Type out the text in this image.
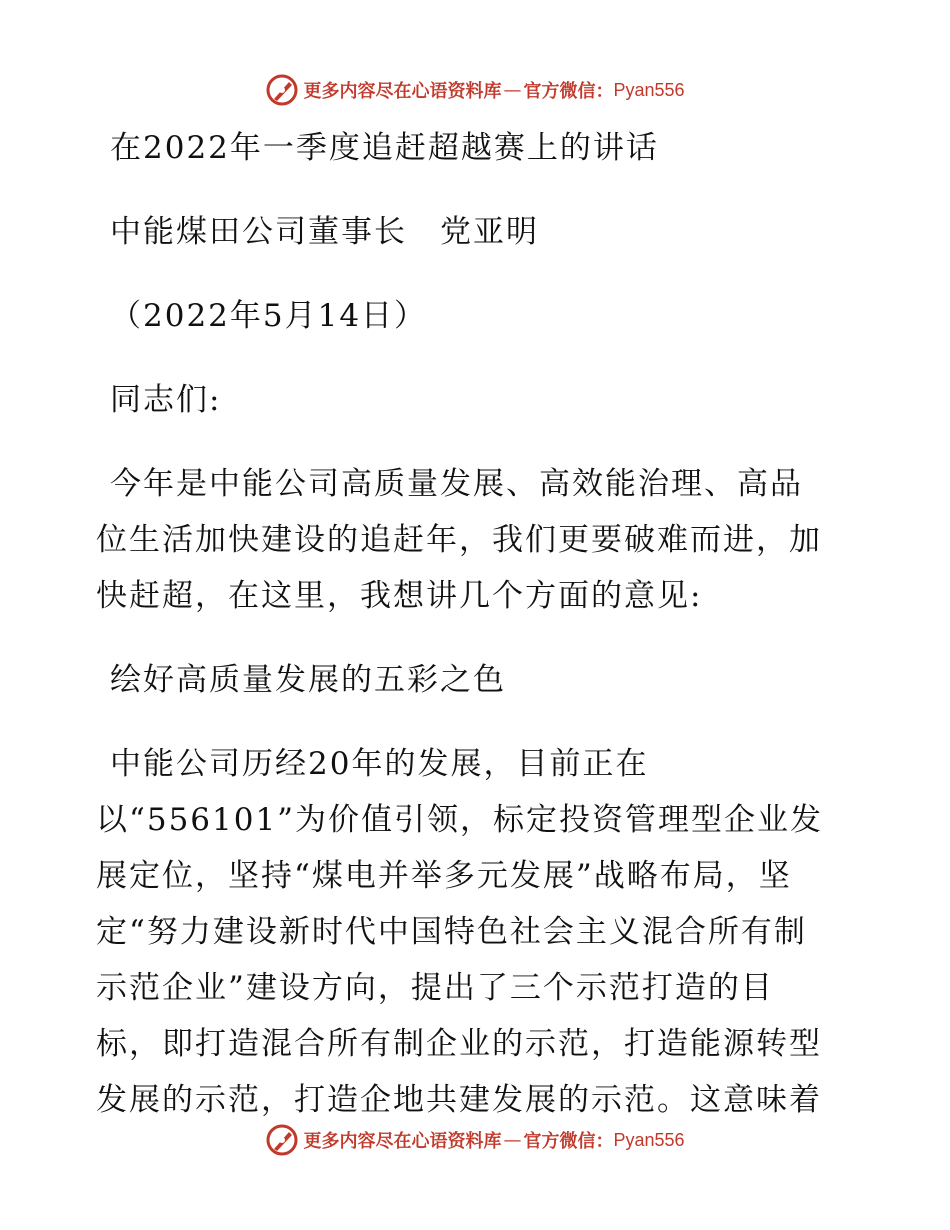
更多内容尽在心语资料库 — 官方微信： Pyan556
在2022年一季度追赶超越赛上的讲话
中能煤田公司董事长　党亚明
（2022年5月14日）
同志们:
今年是中能公司高质量发展、高效能治理、高品
位生活加快建设的追赶年，我们更要破难而进，加
快赶超，在这里，我想讲几个方面的意见:
绘好高质量发展的五彩之色
中能公司历经20年的发展，目前正在
以“556101”为价值引领，标定投资管理型企业发
展定位，坚持“煤电并举多元发展”战略布局，坚
定“努力建设新时代中国特色社会主义混合所有制
示范企业”建设方向，提出了三个示范打造的目
标，即打造混合所有制企业的示范，打造能源转型
发展的示范，打造企地共建发展的示范。这意味着
更多内容尽在心语资料库 — 官方微信： Pyan556
